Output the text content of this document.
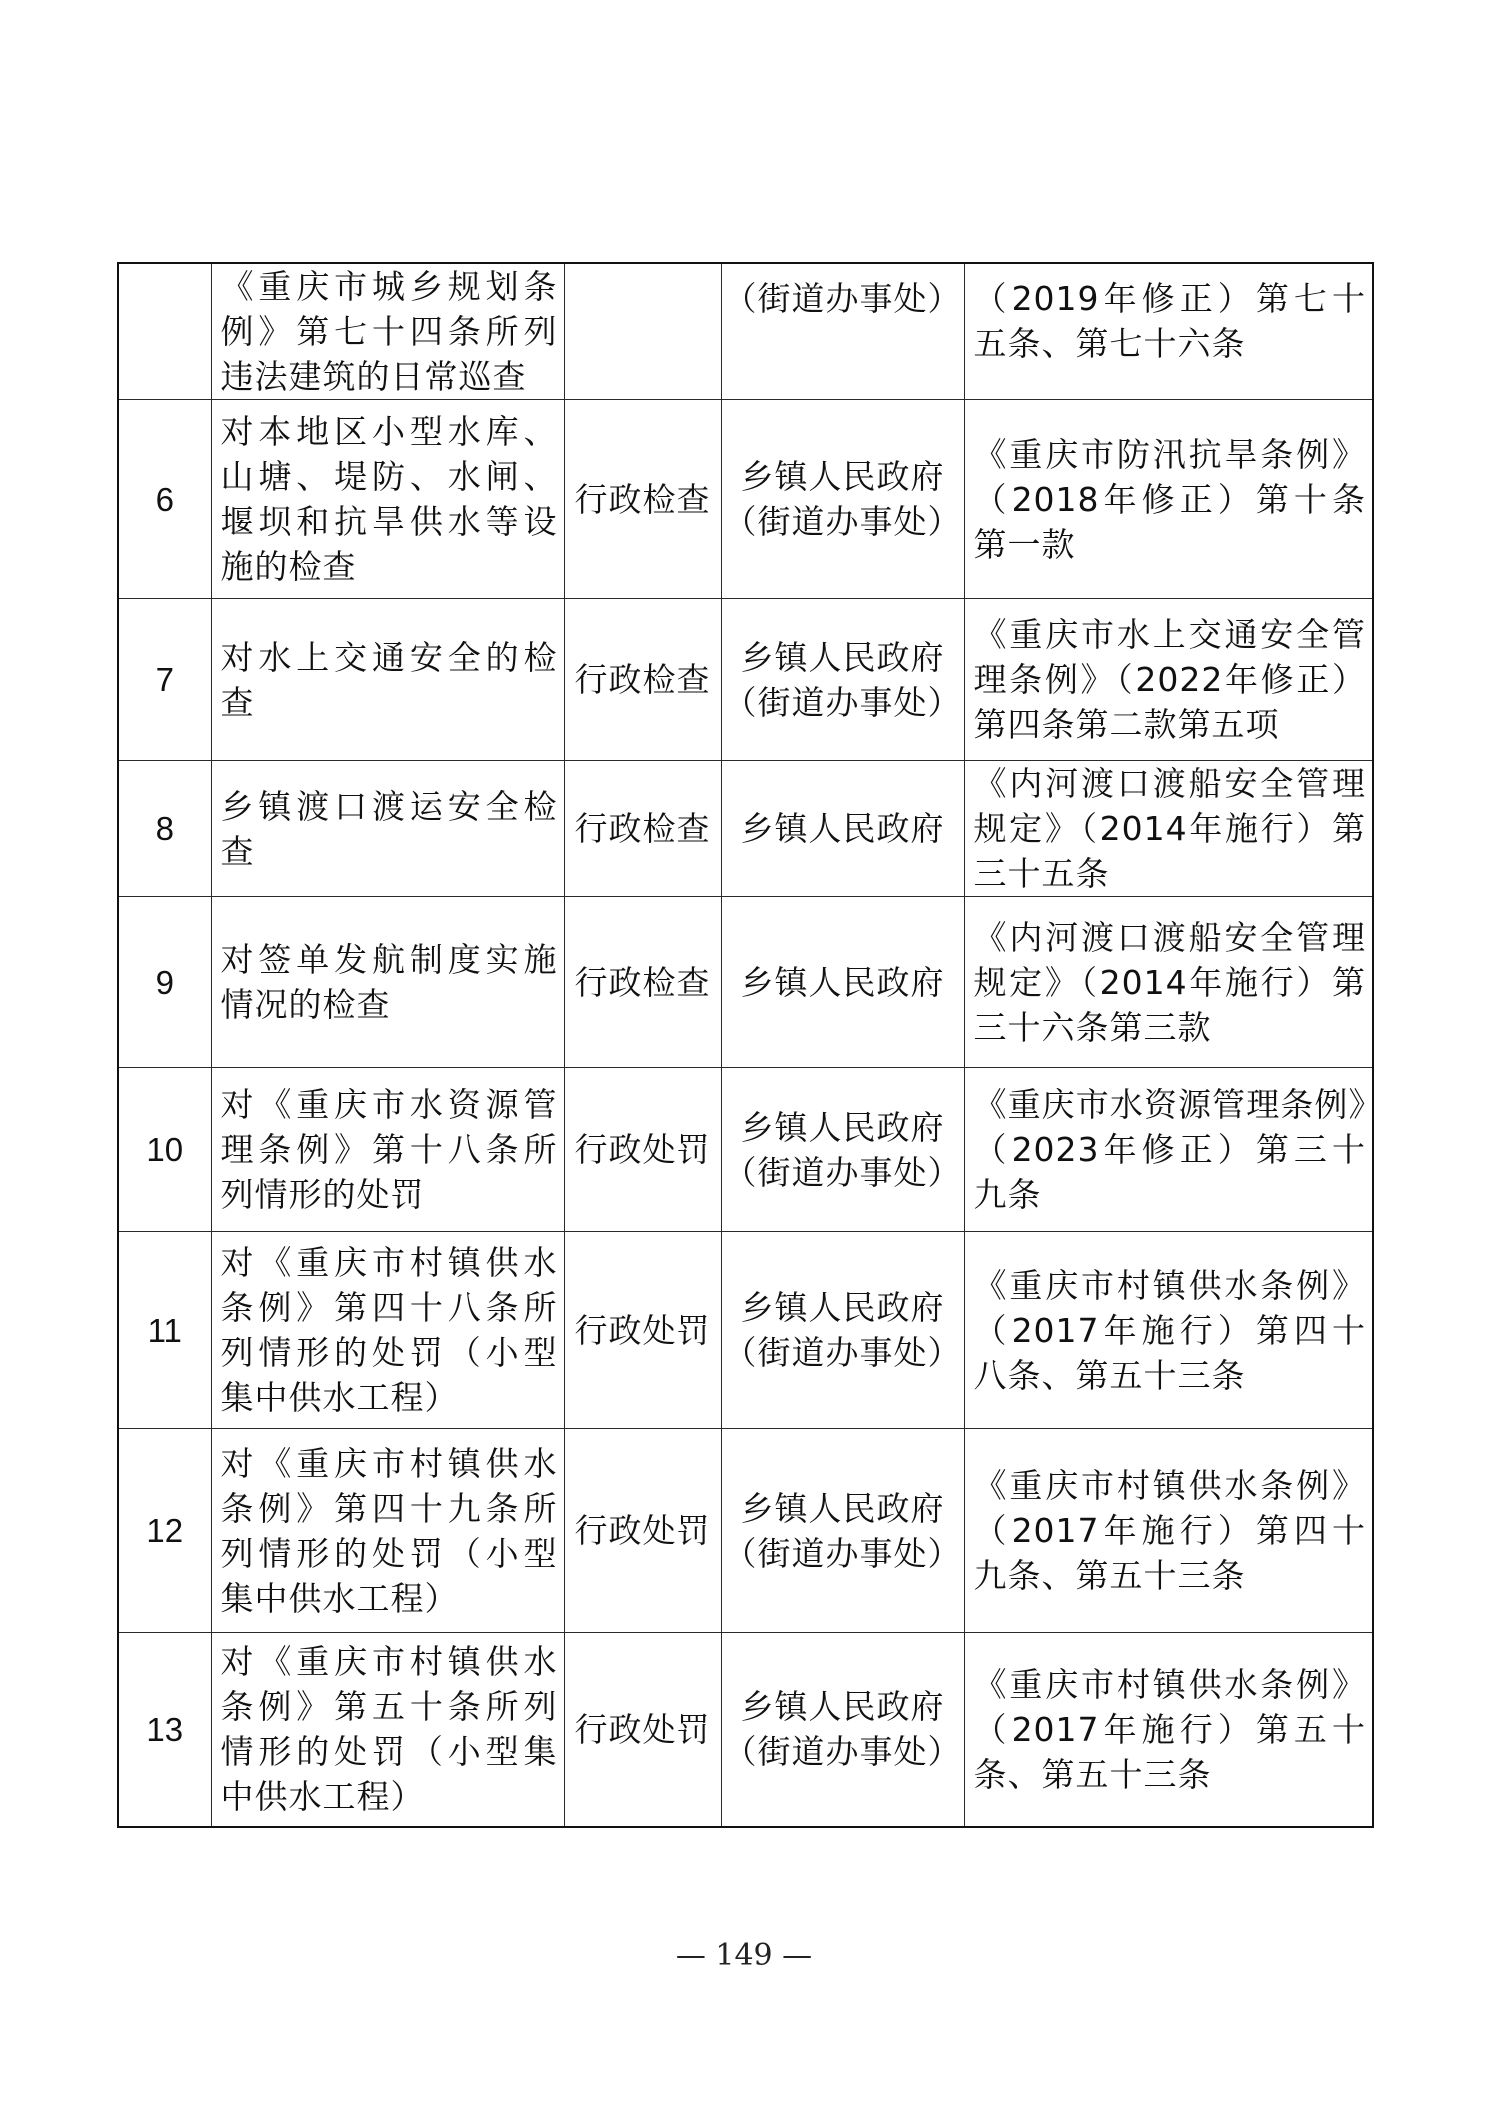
	《重庆市城乡规划条例》第七十四条所列违法建筑的日常巡查		（街道办事处）	（2019年修正）第七十五条、第七十六条
6	对本地区小型水库、山塘、堤防、水闸、堰坝和抗旱供水等设施的检查	行政检查	乡镇人民政府（街道办事处）	《重庆市防汛抗旱条例》（2018年修正）第十条第一款
7	对水上交通安全的检查	行政检查	乡镇人民政府（街道办事处）	《重庆市水上交通安全管理条例》（2022年修正）第四条第二款第五项
8	乡镇渡口渡运安全检查	行政检查	乡镇人民政府	《内河渡口渡船安全管理规定》（2014年施行）第三十五条
9	对签单发航制度实施情况的检查	行政检查	乡镇人民政府	《内河渡口渡船安全管理规定》（2014年施行）第三十六条第三款
10	对《重庆市水资源管理条例》第十八条所列情形的处罚	行政处罚	乡镇人民政府（街道办事处）	《重庆市水资源管理条例》（2023年修正）第三十九条
11	对《重庆市村镇供水条例》第四十八条所列情形的处罚（小型集中供水工程）	行政处罚	乡镇人民政府（街道办事处）	《重庆市村镇供水条例》（2017年施行）第四十八条、第五十三条
12	对《重庆市村镇供水条例》第四十九条所列情形的处罚（小型集中供水工程）	行政处罚	乡镇人民政府（街道办事处）	《重庆市村镇供水条例》（2017年施行）第四十九条、第五十三条
13	对《重庆市村镇供水条例》第五十条所列情形的处罚（小型集中供水工程）	行政处罚	乡镇人民政府（街道办事处）	《重庆市村镇供水条例》（2017年施行）第五十条、第五十三条
— 149 —
